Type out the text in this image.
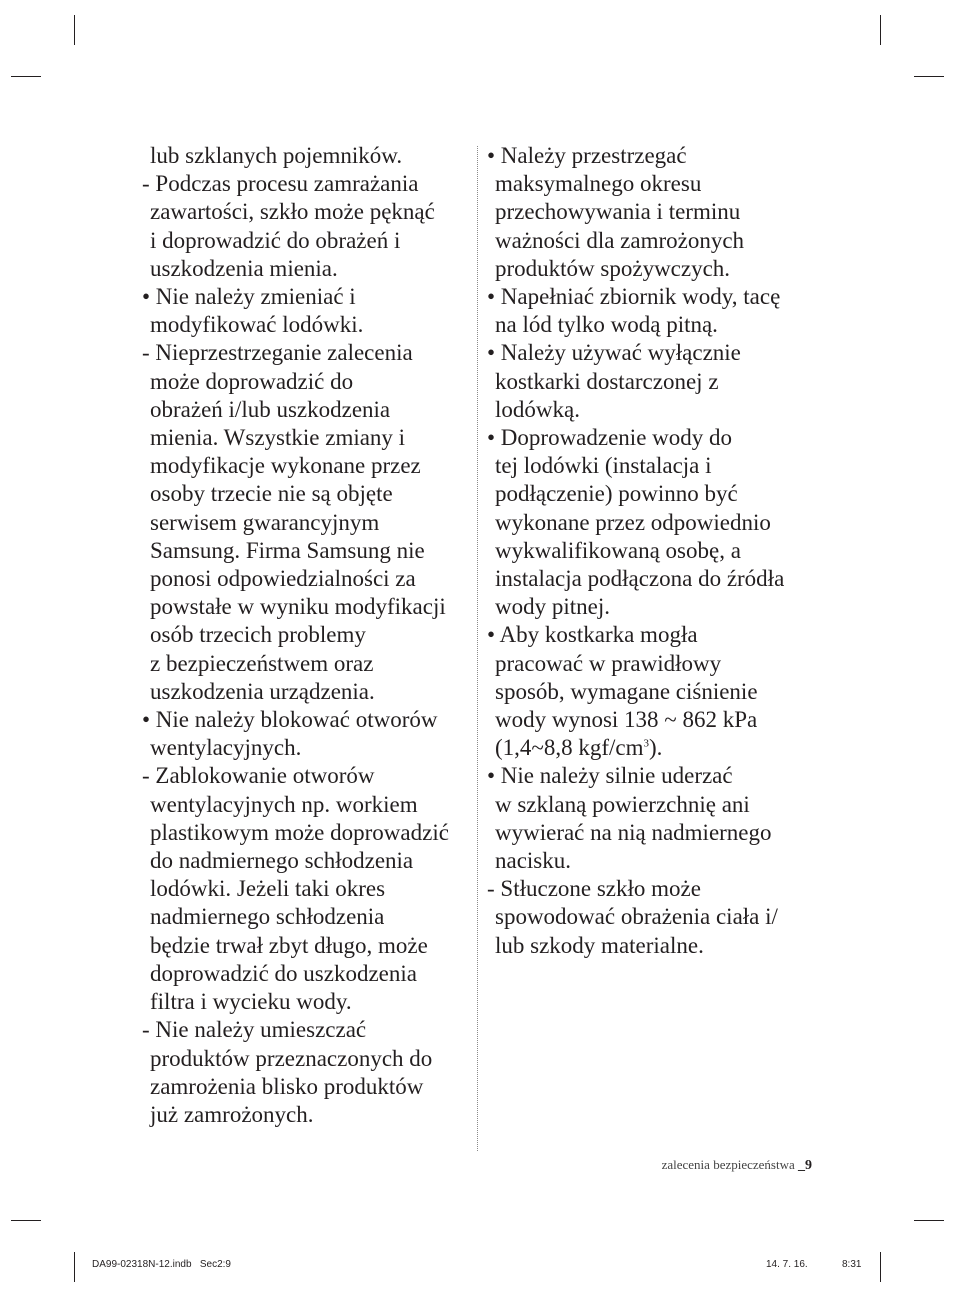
lub szklanych pojemników.

- Podczas procesu zamrażania
zawartości, szkło może pęknąć
i doprowadzić do obrażeń i
uszkodzenia mienia.

• Nie należy zmieniać i
modyfikować lodówki.

- Nieprzestrzeganie zalecenia
może doprowadzić do
obrażeń i/lub uszkodzenia
mienia. Wszystkie zmiany i
modyfikacje wykonane przez
osoby trzecie nie są objęte
serwisem gwarancyjnym
Samsung. Firma Samsung nie
ponosi odpowiedzialności za
powstałe w wyniku modyfikacji
osób trzecich problemy
z bezpieczeństwem oraz
uszkodzenia urządzenia.

• Nie należy blokować otworów
wentylacyjnych.

- Zablokowanie otworów
wentylacyjnych np. workiem
plastikowym może doprowadzić
do nadmiernego schłodzenia
lodówki. Jeżeli taki okres
nadmiernego schłodzenia
będzie trwał zbyt długo, może
doprowadzić do uszkodzenia
filtra i wycieku wody.

- Nie należy umieszczać
produktów przeznaczonych do
zamrożenia blisko produktów
już zamrożonych.

• Należy przestrzegać
maksymalnego okresu
przechowywania i terminu
ważności dla zamrożonych
produktów spożywczych.

• Napełniać zbiornik wody, tacę
na lód tylko wodą pitną.

• Należy używać wyłącznie
kostkarki dostarczonej z
lodówką.

• Doprowadzenie wody do
tej lodówki (instalacja i
podłączenie) powinno być
wykonane przez odpowiednio
wykwalifikowaną osobę, a
instalacja podłączona do źródła
wody pitnej.

• Aby kostkarka mogła
pracować w prawidłowy
sposób, wymagane ciśnienie
wody wynosi 138 ~ 862 kPa
(1,4~8,8 kgf/$cm^3$).

• Nie należy silnie uderzać
w szklaną powierzchnię ani
wywierać na nią nadmiernego
nacisku.

- Stłuczone szkło może
spowodować obrażenia ciała i/
lub szkody materialne.

zalecenia bezpieczeństwa _9
DA99-02318N-12.indb   Sec2:9	14. 7. 16.	8:31
